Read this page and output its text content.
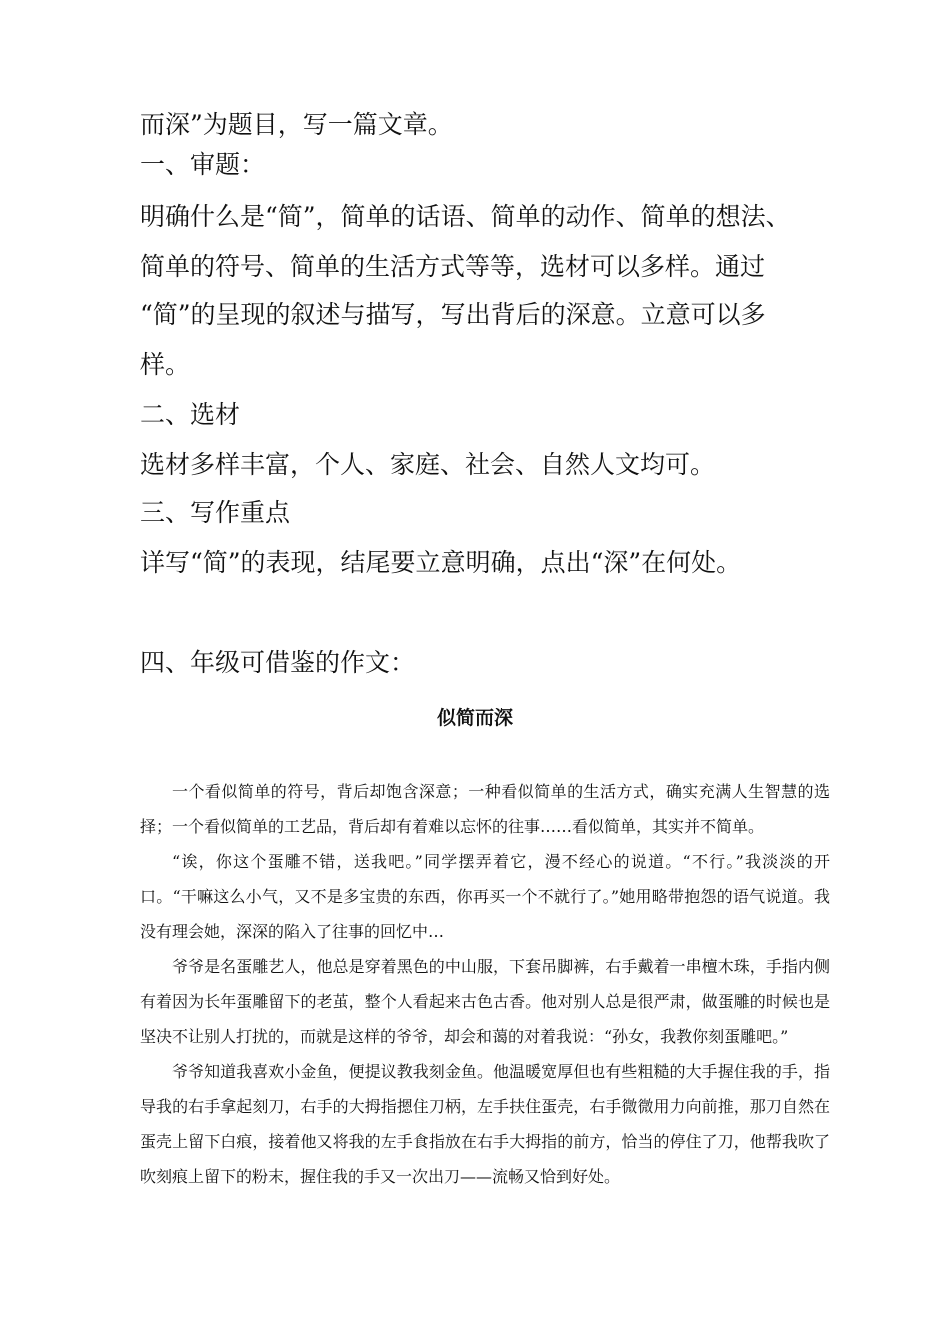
而深”为题目，写一篇文章。
一、审题：
明确什么是“简”，简单的话语、简单的动作、简单的想法、
简单的符号、简单的生活方式等等，选材可以多样。通过
“简”的呈现的叙述与描写，写出背后的深意。立意可以多
样。
二、选材
选材多样丰富，个人、家庭、社会、自然人文均可。
三、写作重点
详写“简”的表现，结尾要立意明确，点出“深”在何处。
四、年级可借鉴的作文：
似简而深

一个看似简单的符号，背后却饱含深意；一种看似简单的生活方式，确实充满人生智慧的选择；一个看似简单的工艺品，背后却有着难以忘怀的往事……看似简单，其实并不简单。

“诶，你这个蛋雕不错，送我吧。”同学摆弄着它，漫不经心的说道。“不行。”我淡淡的开口。“干嘛这么小气，又不是多宝贵的东西，你再买一个不就行了。”她用略带抱怨的语气说道。我没有理会她，深深的陷入了往事的回忆中…

爷爷是名蛋雕艺人，他总是穿着黑色的中山服，下套吊脚裤，右手戴着一串檀木珠，手指内侧有着因为长年蛋雕留下的老茧，整个人看起来古色古香。他对别人总是很严肃，做蛋雕的时候也是坚决不让别人打扰的，而就是这样的爷爷，却会和蔼的对着我说：“孙女，我教你刻蛋雕吧。”

爷爷知道我喜欢小金鱼，便提议教我刻金鱼。他温暖宽厚但也有些粗糙的大手握住我的手，指导我的右手拿起刻刀，右手的大拇指摁住刀柄，左手扶住蛋壳，右手微微用力向前推，那刀自然在蛋壳上留下白痕，接着他又将我的左手食指放在右手大拇指的前方，恰当的停住了刀，他帮我吹了吹刻痕上留下的粉末，握住我的手又一次出刀——流畅又恰到好处。
